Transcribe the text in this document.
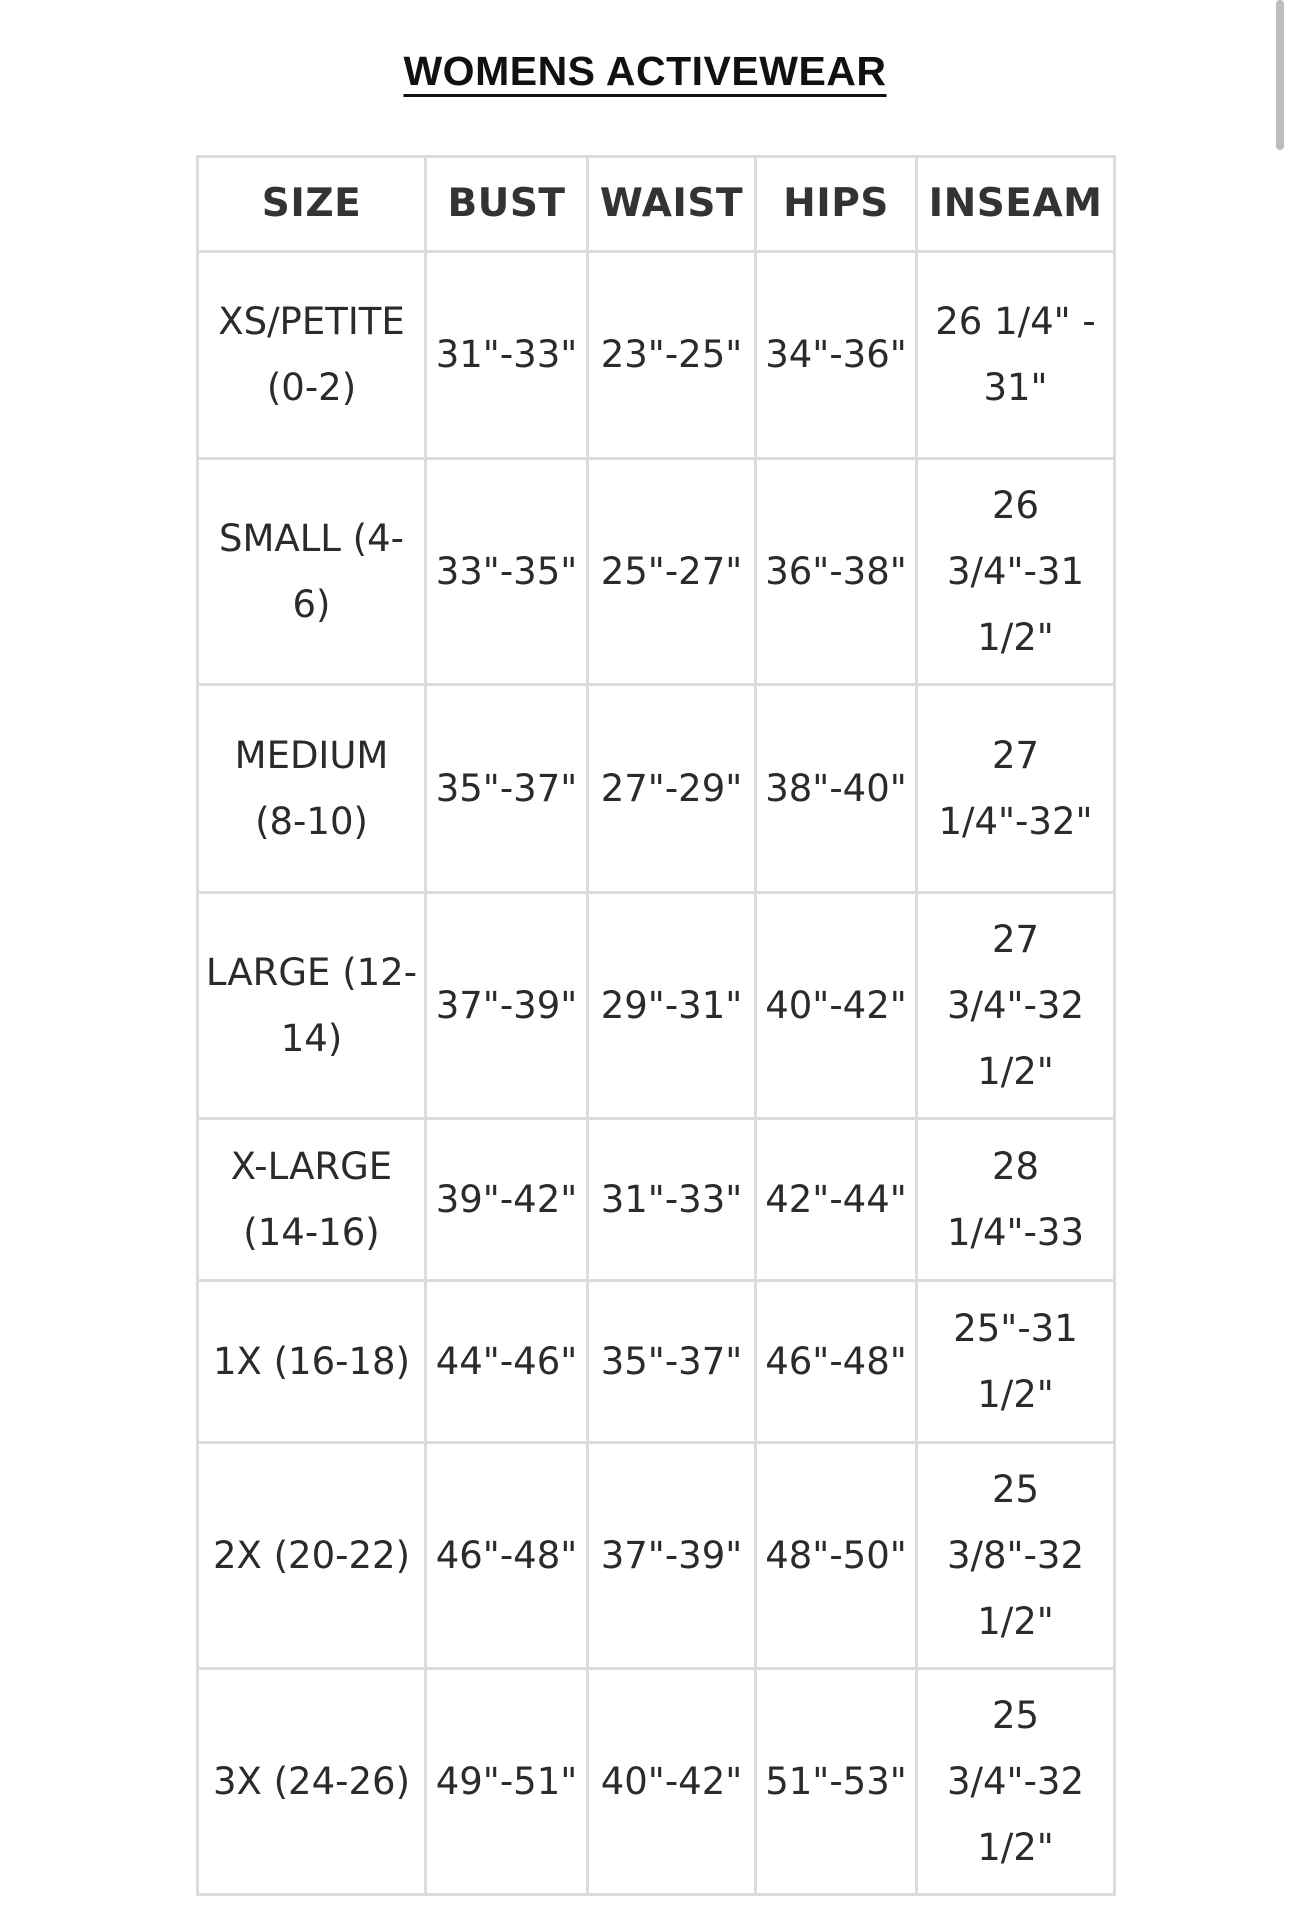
WOMENS ACTIVEWEAR
SIZE	BUST	WAIST	HIPS	INSEAM
XS/PETITE (0-2)	31"-33"	23"-25"	34"-36"	26 1/4" - 31"
SMALL (4-6)	33"-35"	25"-27"	36"-38"	26 3/4"-31 1/2"
MEDIUM (8-10)	35"-37"	27"-29"	38"-40"	27 1/4"-32"
LARGE (12-14)	37"-39"	29"-31"	40"-42"	27 3/4"-32 1/2"
X-LARGE (14-16)	39"-42"	31"-33"	42"-44"	28 1/4"-33
1X (16-18)	44"-46"	35"-37"	46"-48"	25"-31 1/2"
2X (20-22)	46"-48"	37"-39"	48"-50"	25 3/8"-32 1/2"
3X (24-26)	49"-51"	40"-42"	51"-53"	25 3/4"-32 1/2"
